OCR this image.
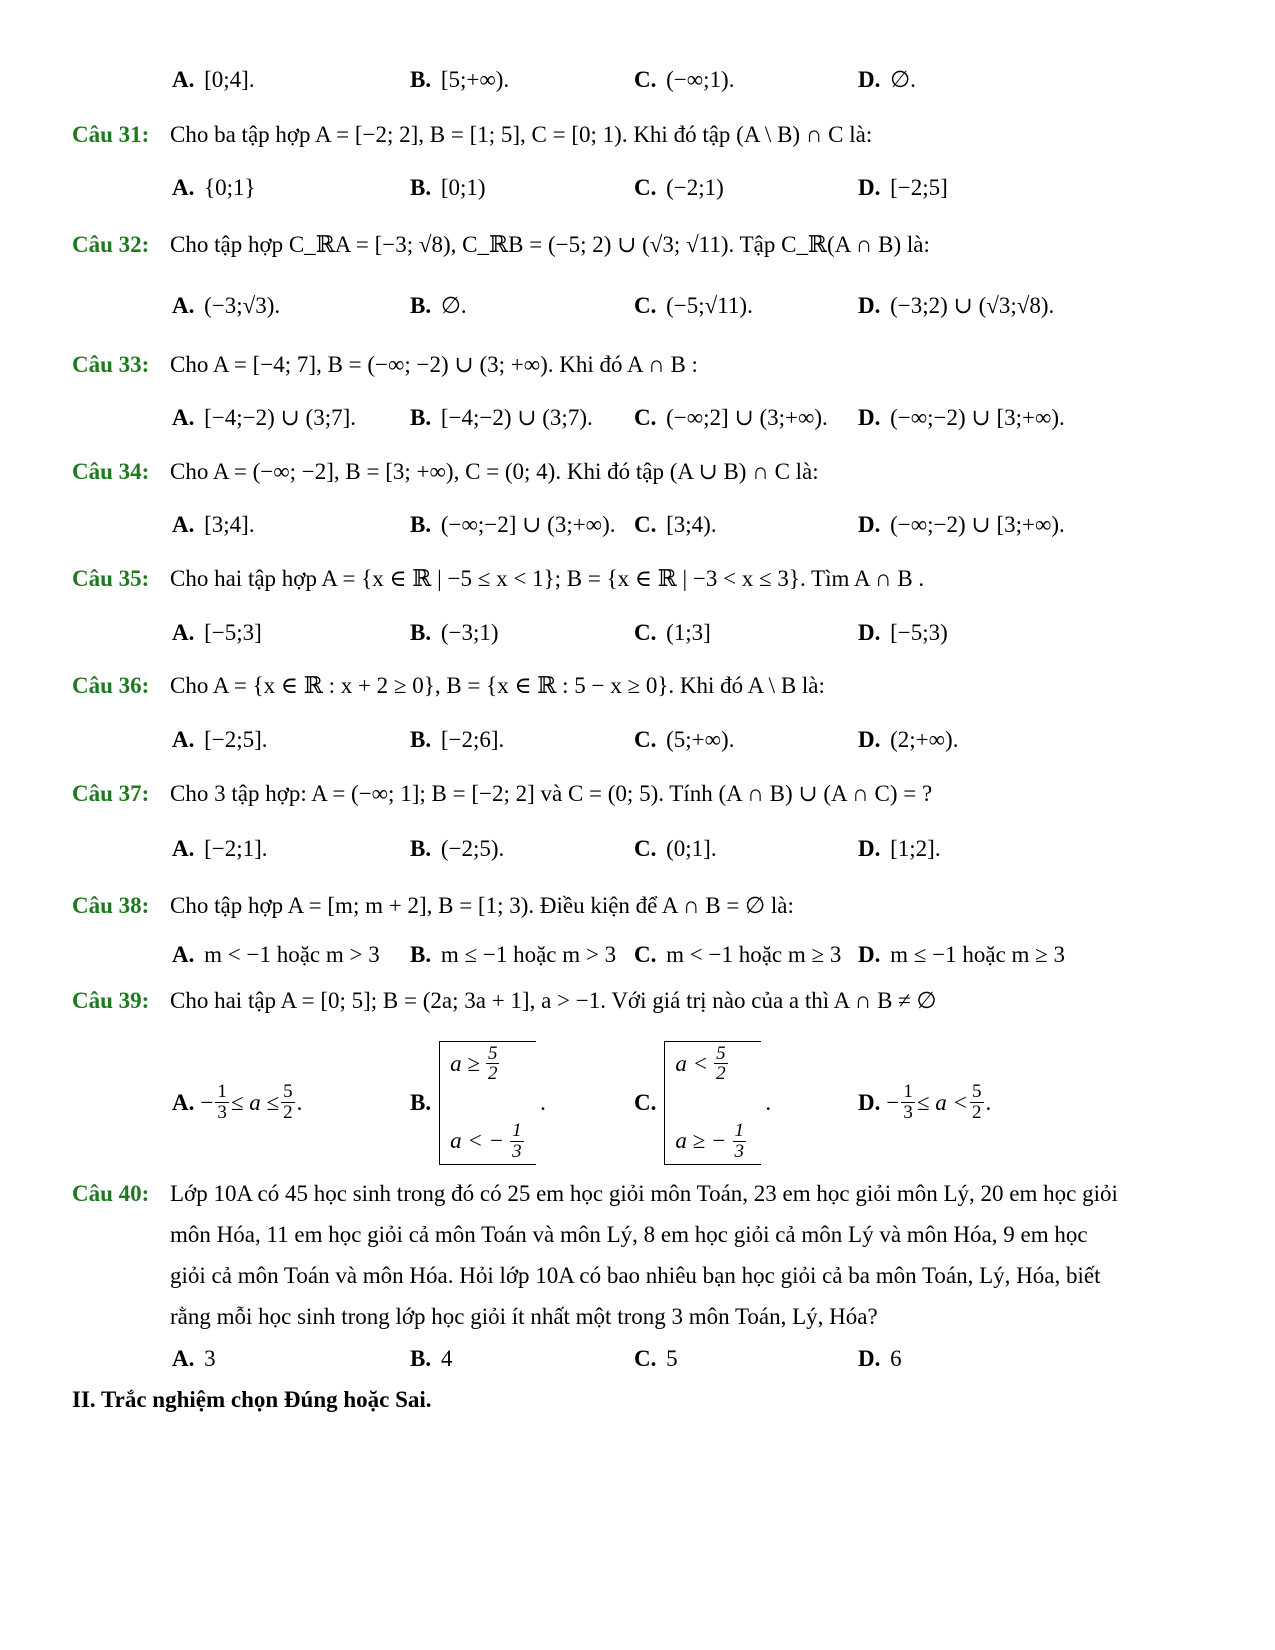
A. [0;4].	B. [5;+∞).	C. (−∞;1).	D. ∅.
Câu 31: Cho ba tập hợp A = [−2; 2], B = [1; 5], C = [0; 1). Khi đó tập (A \ B) ∩ C là:
A. {0;1}	B. [0;1)	C. (−2;1)	D. [−2;5]
Câu 32: Cho tập hợp C_ℝA = [−3; √8), C_ℝB = (−5; 2) ∪ (√3; √11). Tập C_ℝ(A ∩ B) là:
A. (−3;√3).	B. ∅.	C. (−5;√11).	D. (−3;2) ∪ (√3;√8).
Câu 33: Cho A = [−4; 7], B = (−∞; −2) ∪ (3; +∞). Khi đó A ∩ B :
A. [−4;−2) ∪ (3;7]. B. [−4;−2) ∪ (3;7). C. (−∞;2] ∪ (3;+∞). D. (−∞;−2) ∪ [3;+∞).
Câu 34: Cho A = (−∞; −2], B = [3; +∞), C = (0; 4). Khi đó tập (A ∪ B) ∩ C là:
A. [3;4].	B. (−∞;−2] ∪ (3;+∞). C. [3;4).	D. (−∞;−2) ∪ [3;+∞).
Câu 35: Cho hai tập hợp A = {x ∈ ℝ | −5 ≤ x < 1}; B = {x ∈ ℝ | −3 < x ≤ 3}. Tìm A ∩ B .
A. [−5;3]	B. (−3;1)	C. (1;3]	D. [−5;3)
Câu 36: Cho A = {x ∈ ℝ : x + 2 ≥ 0}, B = {x ∈ ℝ : 5 − x ≥ 0}. Khi đó A \ B là:
A. [−2;5].	B. [−2;6].	C. (5;+∞).	D. (2;+∞).
Câu 37: Cho 3 tập hợp: A = (−∞; 1]; B = [−2; 2] và C = (0; 5). Tính (A ∩ B) ∪ (A ∩ C) = ?
A. [−2;1].	B. (−2;5).	C. (0;1].	D. [1;2].
Câu 38: Cho tập hợp A = [m; m + 2], B = [1; 3). Điều kiện để A ∩ B = ∅ là:
A. m < −1 hoặc m > 3 B. m ≤ −1 hoặc m > 3 C. m < −1 hoặc m ≥ 3 D. m ≤ −1 hoặc m ≥ 3
Câu 39: Cho hai tập A = [0; 5]; B = (2a; 3a + 1], a > −1. Với giá trị nào của a thì A ∩ B ≠ ∅
A. − $\frac{1}{3} \le a \le \frac{5}{2}$ .	B.
$a \ge \frac{5}{2}$
a < − $\frac{1}{3}$
.	C.
$a < \frac{5}{2}$
a ≥ − $\frac{1}{3}$
.	D. − $\frac{1}{3} \le a < \frac{5}{2}$ .
Câu 40: Lớp 10A có 45 học sinh trong đó có 25 em học giỏi môn Toán, 23 em học giỏi môn Lý, 20 em học giỏi
môn Hóa, 11 em học giỏi cả môn Toán và môn Lý, 8 em học giỏi cả môn Lý và môn Hóa, 9 em học
giỏi cả môn Toán và môn Hóa. Hỏi lớp 10A có bao nhiêu bạn học giỏi cả ba môn Toán, Lý, Hóa, biết
rằng mỗi học sinh trong lớp học giỏi ít nhất một trong 3 môn Toán, Lý, Hóa?
A. 3	B. 4	C. 5	D. 6
II. Trắc nghiệm chọn Đúng hoặc Sai.
